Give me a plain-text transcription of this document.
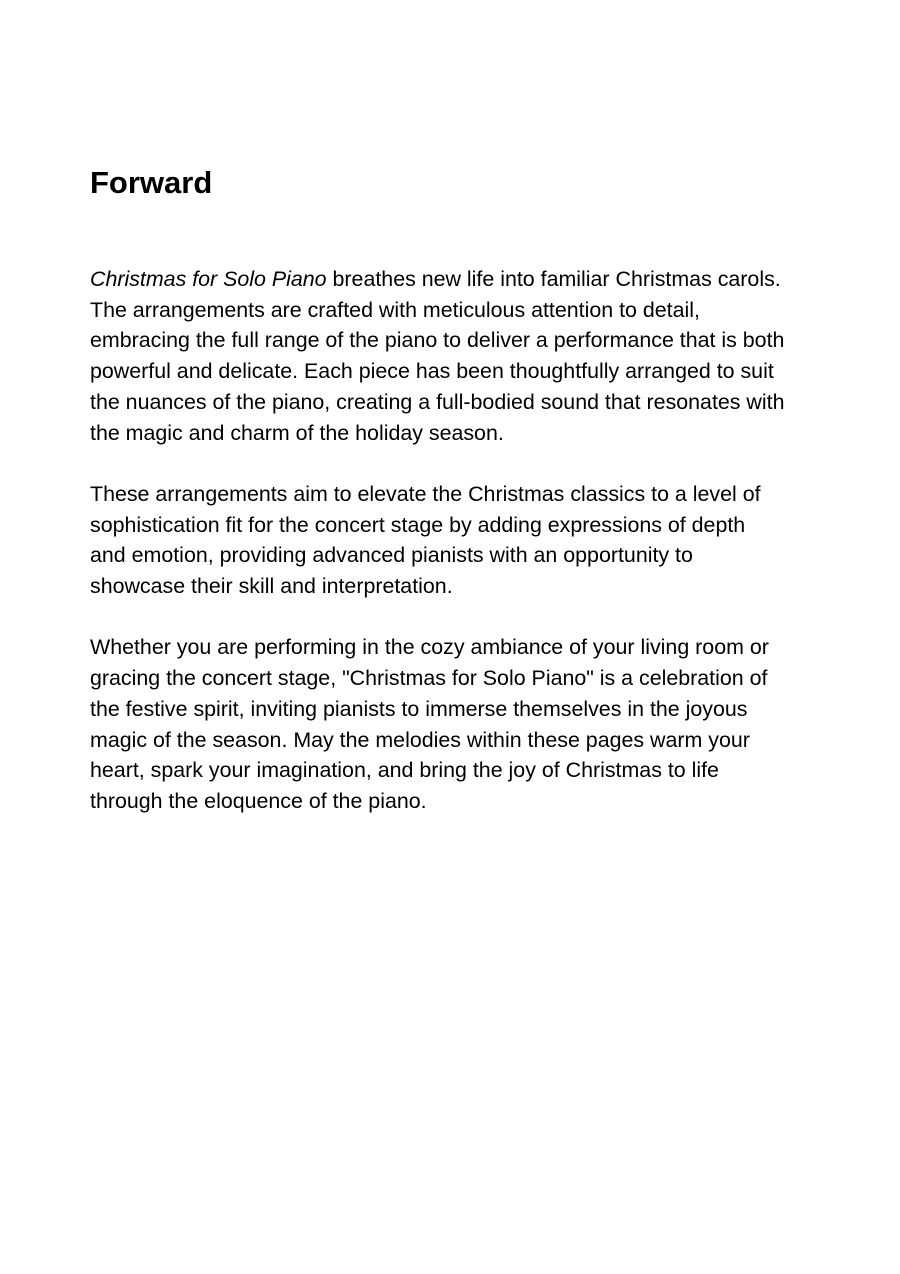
Forward

Christmas for Solo Piano breathes new life into familiar Christmas carols.
The arrangements are crafted with meticulous attention to detail,
embracing the full range of the piano to deliver a performance that is both
powerful and delicate. Each piece has been thoughtfully arranged to suit
the nuances of the piano, creating a full-bodied sound that resonates with
the magic and charm of the holiday season.

These arrangements aim to elevate the Christmas classics to a level of
sophistication fit for the concert stage by adding expressions of depth
and emotion, providing advanced pianists with an opportunity to
showcase their skill and interpretation.

Whether you are performing in the cozy ambiance of your living room or
gracing the concert stage, "Christmas for Solo Piano" is a celebration of
the festive spirit, inviting pianists to immerse themselves in the joyous
magic of the season. May the melodies within these pages warm your
heart, spark your imagination, and bring the joy of Christmas to life
through the eloquence of the piano.
